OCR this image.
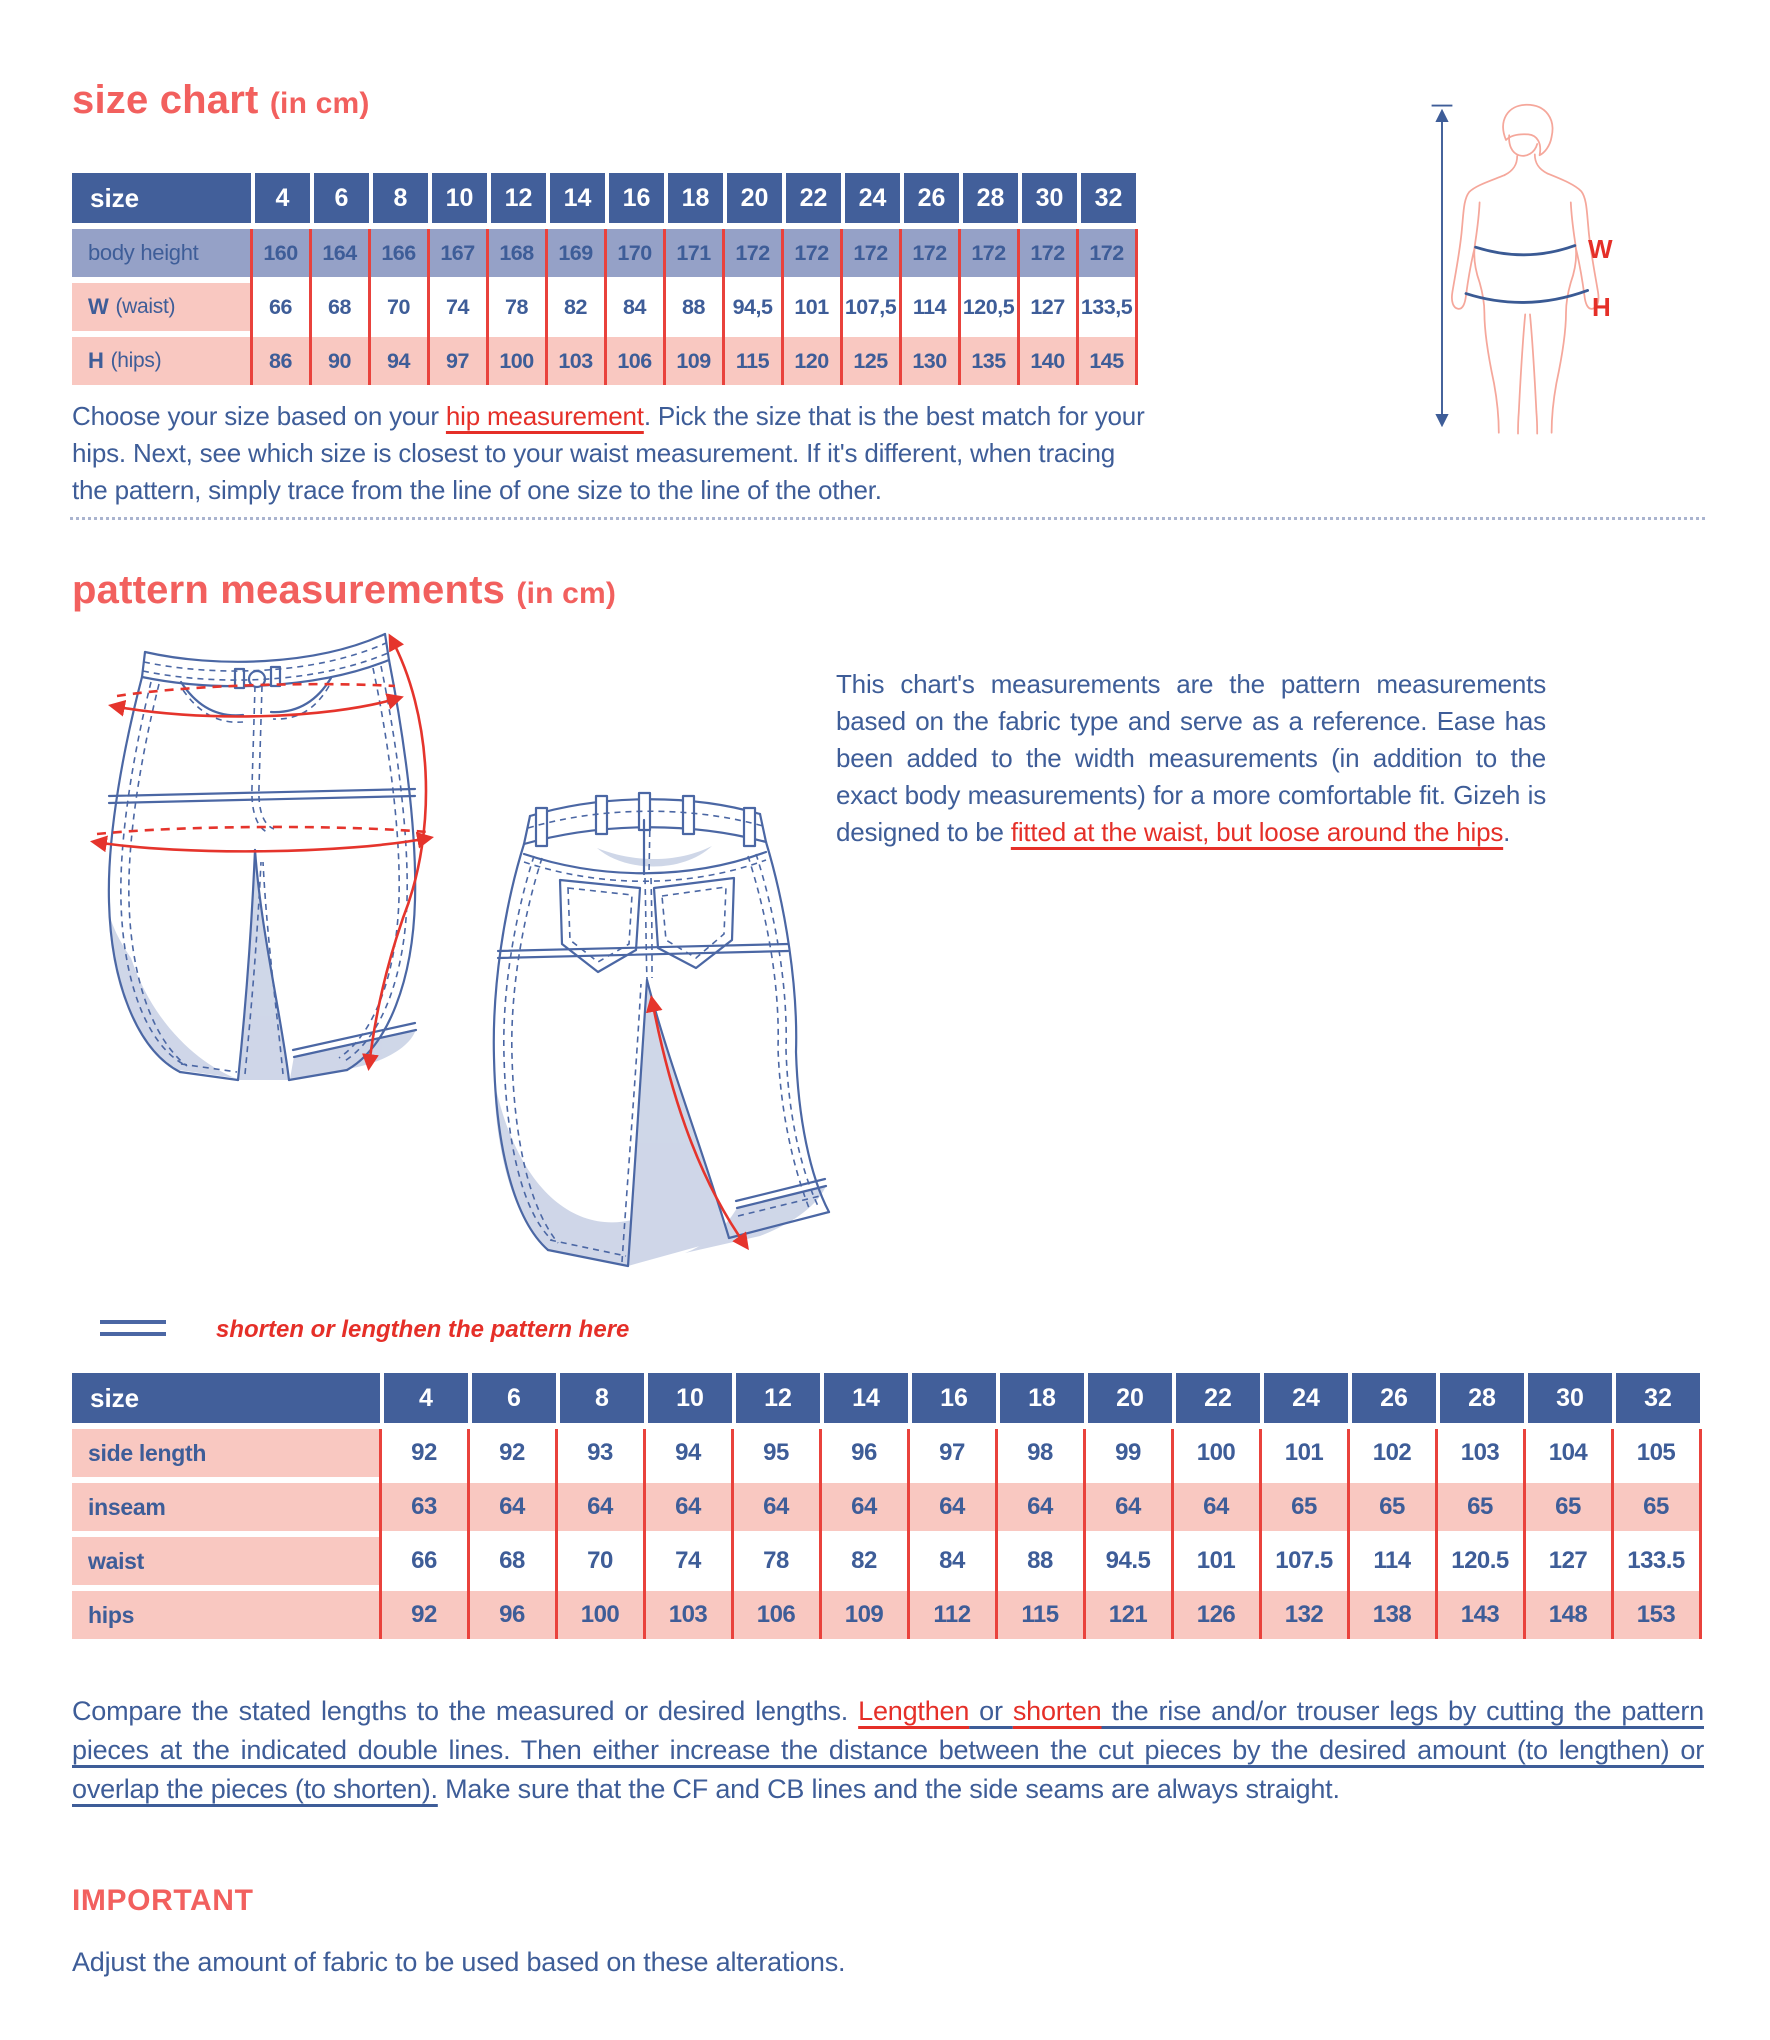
size chart (in cm)
size	4	6	8	10	12	14	16	18	20	22	24	26	28	30	32
body height	160	164	166	167	168	169	170	171	172	172	172	172	172	172	172
W (waist)	66	68	70	74	78	82	84	88	94,5	101 107,5 114 120,5 127 133,5
H (hips)	86	90	94	97	100	103	106	109	115	120	125	130	135	140	145
Choose your size based on your hip measurement. Pick the size that is the best match for your hips. Next, see which size is closest to your waist measurement. If it's different, when tracing the pattern, simply trace from the line of one size to the line of the other.
W
H
pattern measurements (in cm)
This chart's measurements are the pattern measurements based on the fabric type and serve as a reference. Ease has been added to the width measurements (in addition to the exact body measurements) for a more comfortable fit. Gizeh is designed to be fitted at the waist, but loose around the hips.
shorten or lengthen the pattern here
size	4	6	8	10	12	14	16	18	20	22	24	26	28	30	32
side length	92	92	93	94	95	96	97	98	99	100	101	102	103	104	105
inseam	63	64	64	64	64	64	64	64	64	64	65	65	65	65	65
waist	66	68	70	74	78	82	84	88	94.5	101	107.5	114	120.5	127	133.5
hips	92	96	100	103	106	109	112	115	121	126	132	138	143	148	153
Compare the stated lengths to the measured or desired lengths. Lengthen or shorten the rise and/or trouser legs by cutting the pattern pieces at the indicated double lines. Then either increase the distance between the cut pieces by the desired amount (to lengthen) or overlap the pieces (to shorten). Make sure that the CF and CB lines and the side seams are always straight.
IMPORTANT
Adjust the amount of fabric to be used based on these alterations.
